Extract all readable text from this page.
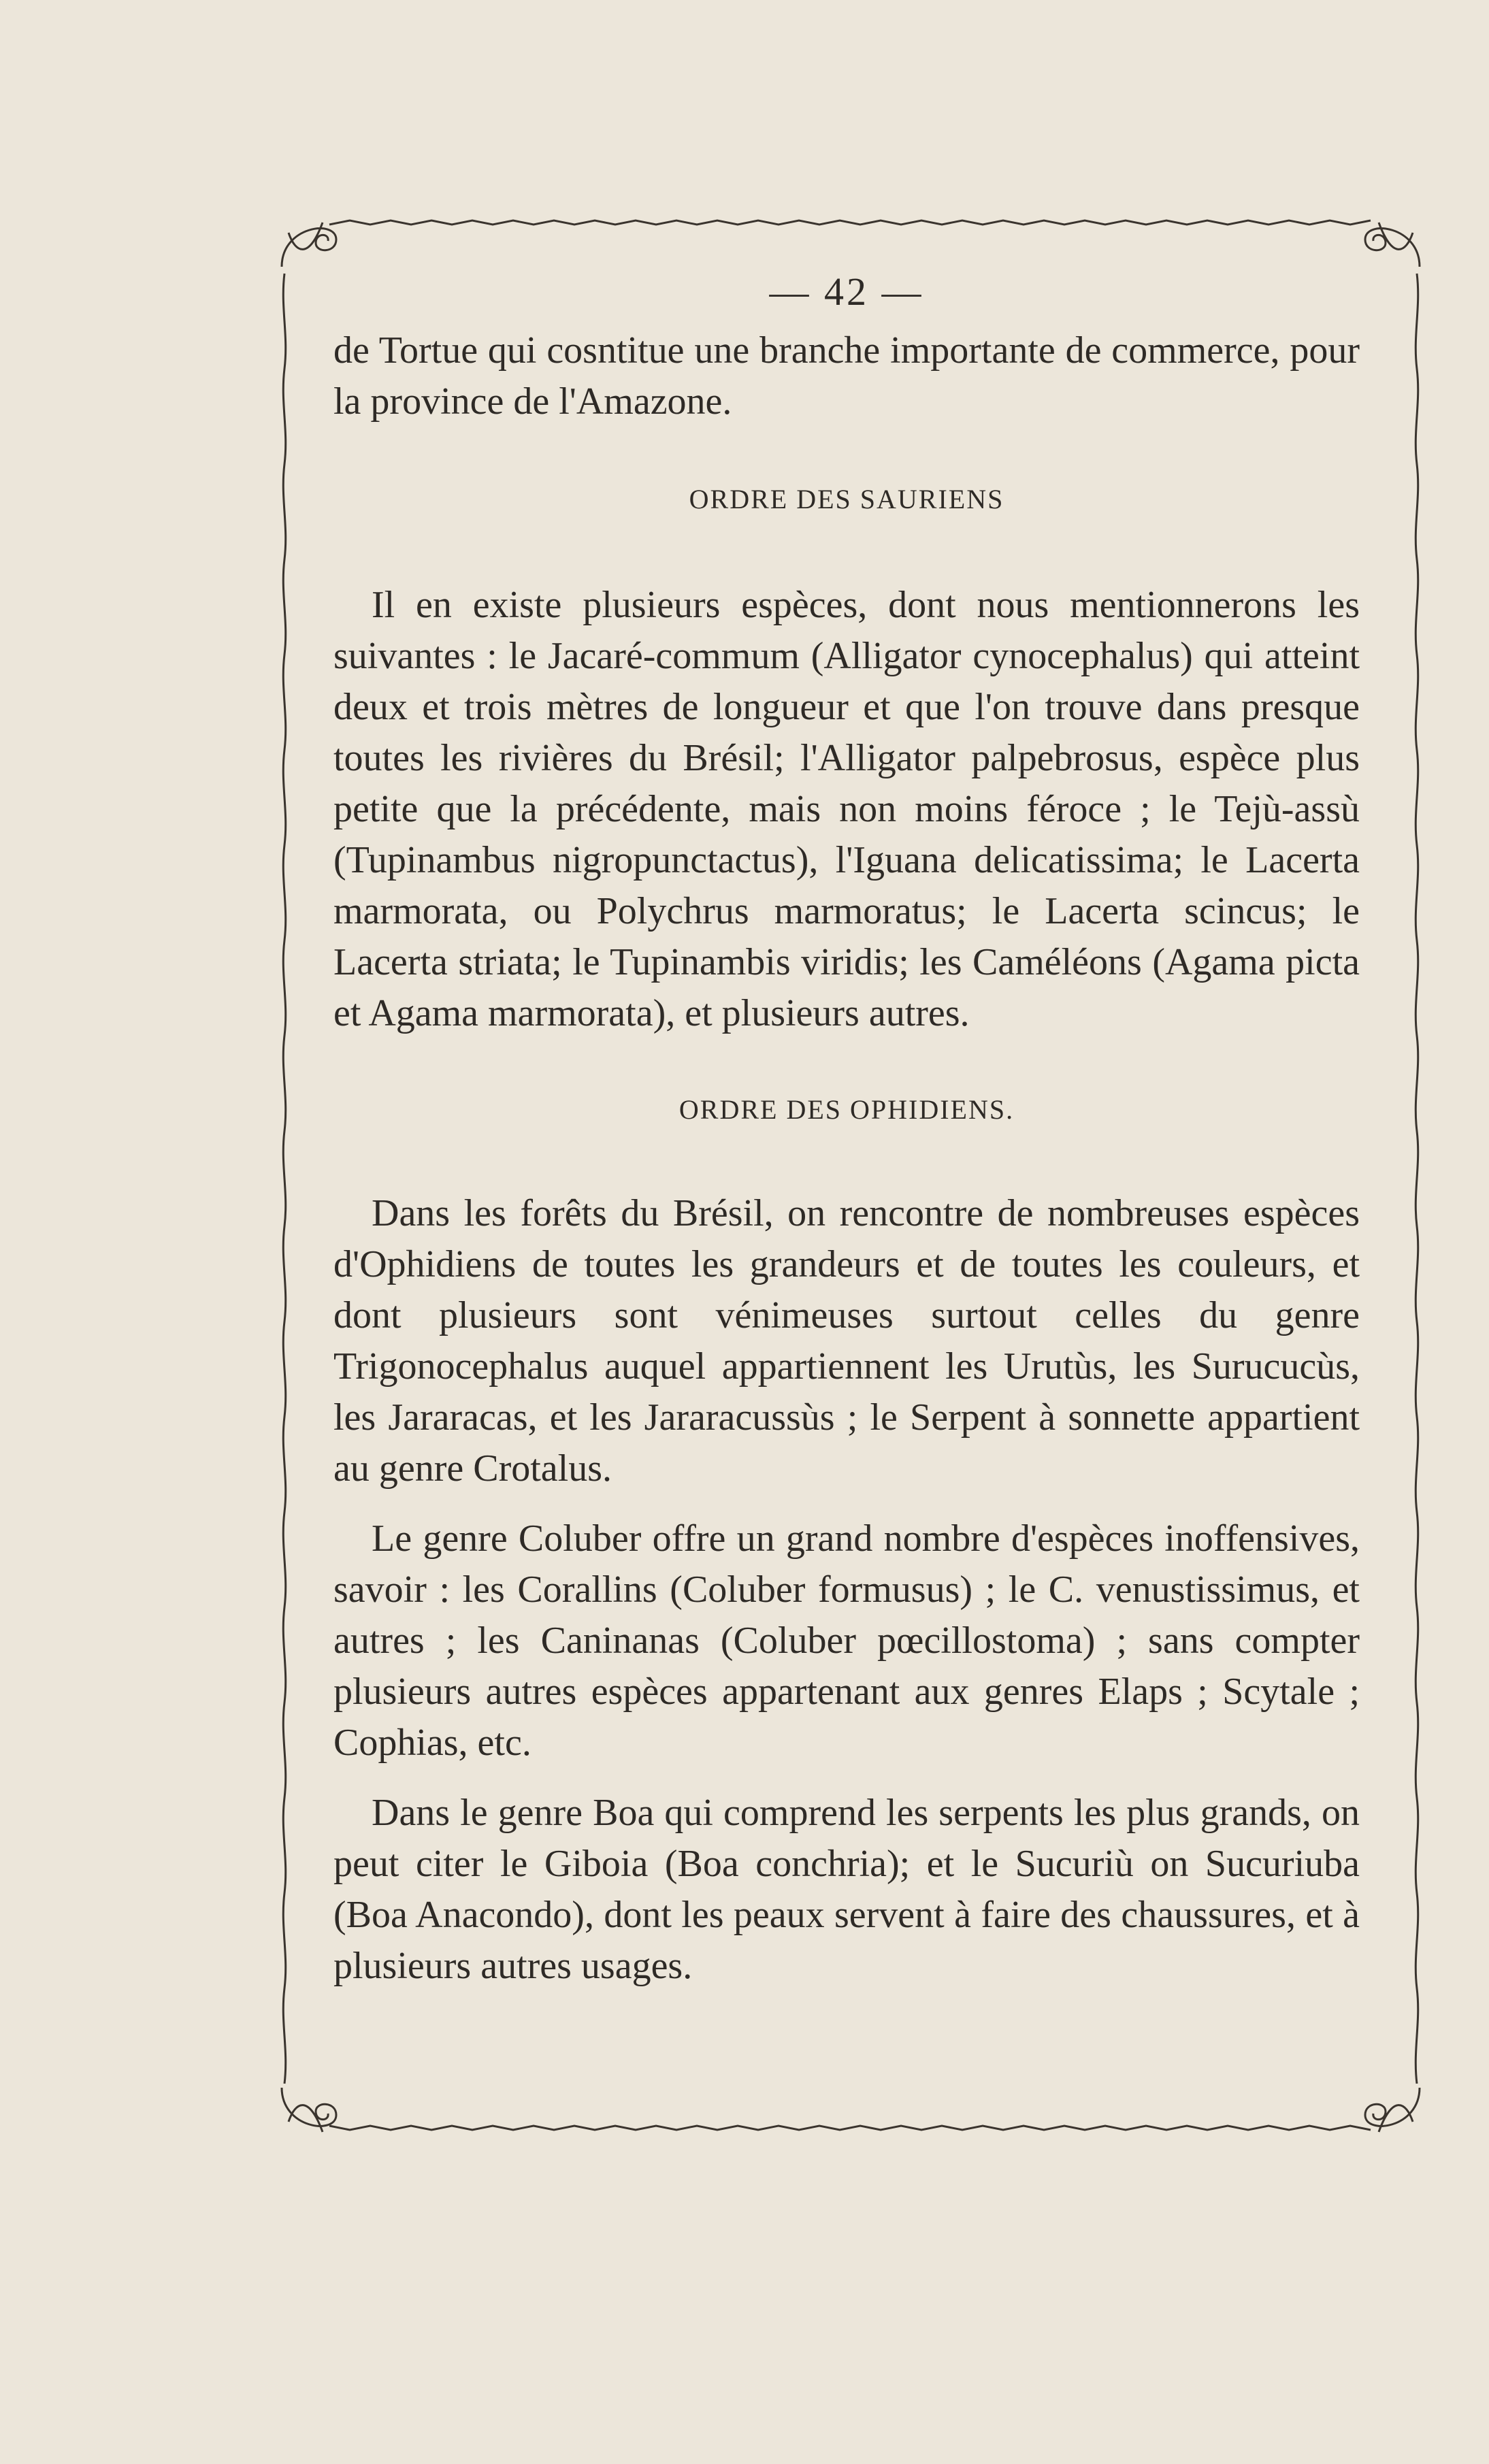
— 42 —

de Tortue qui cosntitue une branche importante de commerce, pour la province de l'Amazone.

ORDRE DES SAURIENS

Il en existe plusieurs espèces, dont nous mentionnerons les suivantes : le Jacaré-commum (Alligator cynocephalus) qui atteint deux et trois mètres de longueur et que l'on trouve dans presque toutes les rivières du Brésil; l'Alligator palpebrosus, espèce plus petite que la précédente, mais non moins féroce ; le Tejù-assù (Tupinambus nigropunctactus), l'Iguana delicatissima; le Lacerta marmorata, ou Polychrus marmoratus; le Lacerta scincus; le Lacerta striata; le Tupinambis viridis; les Caméléons (Agama picta et Agama marmorata), et plusieurs autres.

ORDRE DES OPHIDIENS.

Dans les forêts du Brésil, on rencontre de nombreuses espèces d'Ophidiens de toutes les grandeurs et de toutes les couleurs, et dont plusieurs sont vénimeuses surtout celles du genre Trigonocephalus auquel appartiennent les Urutùs, les Surucucùs, les Jararacas, et les Jararacussùs ; le Serpent à sonnette appartient au genre Crotalus.

Le genre Coluber offre un grand nombre d'espèces inoffensives, savoir : les Corallins (Coluber formusus) ; le C. venustissimus, et autres ; les Caninanas (Coluber pœcillostoma) ; sans compter plusieurs autres espèces appartenant aux genres Elaps ; Scytale ; Cophias, etc.

Dans le genre Boa qui comprend les serpents les plus grands, on peut citer le Giboia (Boa conchria); et le Sucuriù on Sucuriuba (Boa Anacondo), dont les peaux servent à faire des chaussures, et à plusieurs autres usages.
